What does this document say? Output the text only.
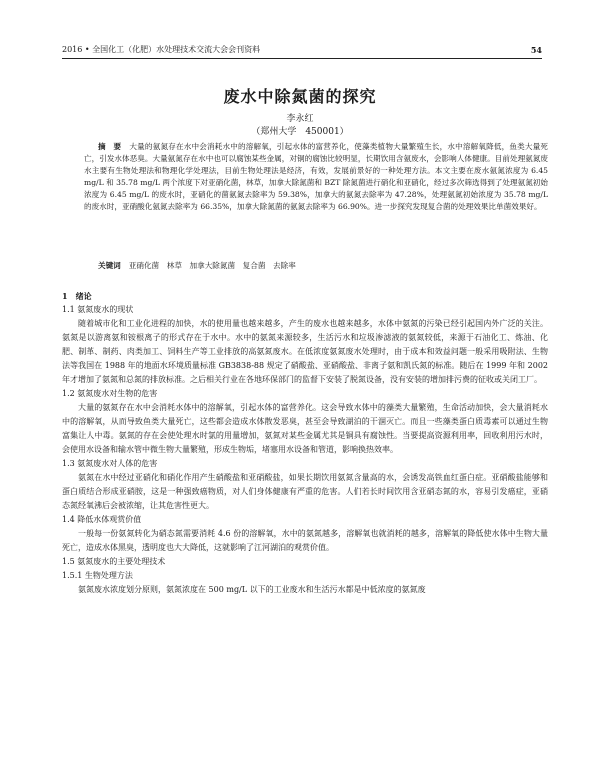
2016 • 全国化工（化肥）水处理技术交流大会会刊资料	54
废水中除氮菌的探究
李永红
（郑州大学　450001）
摘　要 大量的氨氮存在水中会消耗水中的溶解氧，引起水体的富营养化，使藻类植物大量繁殖生长，水中溶解氧降低，鱼类大量死亡，引发水体恶臭。大量氨氮存在水中也可以腐蚀某些金属，对铜的腐蚀比较明显，长期饮用含氨废水，会影响人体健康。目前处理氨氮废水主要有生物处理法和物理化学处理法，目前生物处理法是经济，有效，发展前景好的一种处理方法。本文主要在废水氨氮浓度为 6.45 mg/L 和 35.78 mg/L 两个浓度下对亚硝化菌，林草，加拿大除氮菌和 BZT 除氮菌进行硝化和亚硝化，经过多次筛选得到了处理氨氮初始浓度为 6.45 mg/L 的废水时，亚硝化的菌氨氮去除率为 59.38%，加拿大的氨氮去除率为 47.28%，处理氨氮初始浓度为 35.78 mg/L 的废水时，亚硝酸化氨氮去除率为 66.35%，加拿大除氮菌的氨氮去除率为 66.90%。进一步探究发现复合菌的处理效果比单菌效果好。
关键词 亚硝化菌　林草　加拿大除氮菌　复合菌　去除率

1　绪论

1.1 氨氮废水的现状

随着城市化和工业化进程的加快，水的使用量也越来越多，产生的废水也越来越多，水体中氨氮的污染已经引起国内外广泛的关注。氨氮是以游离氨和铵根离子的形式存在于水中。水中的氨氮来源较多，生活污水和垃圾渗滤液的氨氮较低，来源于石油化工、炼油、化肥、制革、制药、肉类加工、饲料生产等工业排放的高氨氮废水。在低浓度氨氮废水处理时，由于成本和效益问题一般采用吸附法、生物法等我国在 1988 年的地面水环境质量标准 GB3838-88 规定了硝酸盐、亚硝酸盐、非离子氨和凯氏氮的标准。随后在 1999 年和 2002 年才增加了氨氮和总氮的排放标准。之后相关行业在各地环保部门的监督下安装了脱氮设备，没有安装的增加排污费的征收或关闭工厂。

1.2 氨氮废水对生物的危害

大量的氨氮存在水中会消耗水体中的溶解氧，引起水体的富营养化。这会导致水体中的藻类大量繁殖，生命活动加快，会大量消耗水中的溶解氧，从而导致鱼类大量死亡，这些都会造成水体散发恶臭，甚至会导致湖泊的干涸灭亡。而且一些藻类蛋白质毒素可以通过生物富集让人中毒。氨氮的存在会使处理水时氯的用量增加，氨氮对某些金属尤其是铜具有腐蚀性。当要提高资源利用率，回收利用污水时，会使用水设备和输水管中微生物大量繁殖，形成生物垢，堵塞用水设备和管道，影响换热效率。

1.3 氨氮废水对人体的危害

氨氮在水中经过亚硝化和硝化作用产生硝酸盐和亚硝酸盐，如果长期饮用氨氮含量高的水，会诱发高铁血红蛋白症。亚硝酸盐能够和蛋白质结合形成亚硝胺，这是一种强致癌物质，对人们身体健康有严重的危害。人们若长时间饮用含亚硝态氮的水，容易引发癌症，亚硝态氮经氧沸后会被浓缩，让其危害性更大。

1.4 降低水体观赏价值

一般每一份氨氮转化为硝态氮需要消耗 4.6 份的溶解氧，水中的氨氮越多，溶解氧也就消耗的越多，溶解氧的降低使水体中生物大量死亡，造成水体黑臭，透明度也大大降低，这就影响了江河湖泊的观赏价值。

1.5 氨氮废水的主要处理技术

1.5.1 生物处理方法

氨氮废水浓度划分原则，氨氮浓度在 500 mg/L 以下的工业废水和生活污水都是中低浓度的氨氮废
